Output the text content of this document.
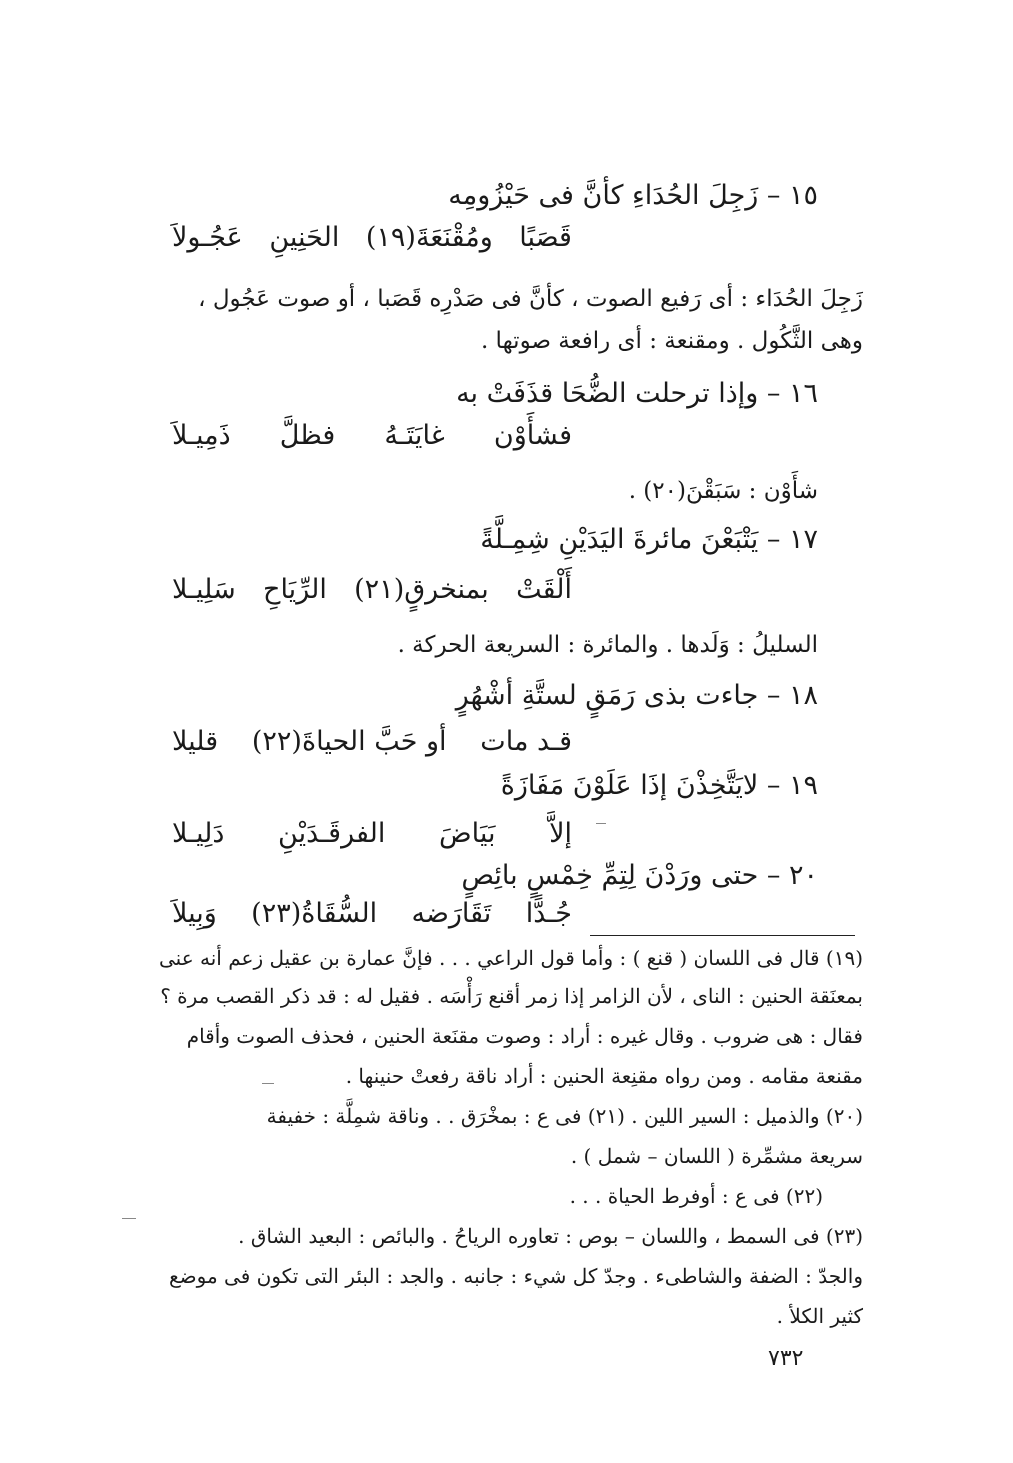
١٥ – زَجِلَ الحُدَاءِ كأنَّ فى حَيْزُومِه
قَصَبًا
ومُقْنَعَةَ(١٩)
الحَنِينِ
عَجُـولاَ
زَجِلَ الحُدَاء : أى رَفيع الصوت ، كأنَّ فى صَدْرِه قَصَبا ، أو صوت عَجُول ،
وهى الثَّكُول . ومقنعة : أى رافعة صوتها .
١٦ – وإذا ترحلت الضُّحَا قذَفَتْ به
فشأَوْن
غايَتَـهُ
فظلَّ
ذَمِيـلاَ
شأَوْن : سَبَقْنَ(٢٠) .
١٧ – يَتْبَعْنَ مائرةَ اليَدَيْنِ شِمِـلَّةً
أَلْقَتْ
بمنخرقٍ(٢١)
الرِّيَاحِ
سَلِيـلا
السليلُ : وَلَدها . والمائرة : السريعة الحركة .
١٨ – جاءت بذى رَمَقٍ لستَّةِ أشْهُرٍ
قـد مات
أو حَبَّ الحياةَ(٢٢)
قليلا
١٩ – لايَتَّخِذْنَ إذَا عَلَوْنَ مَفَازَةً
إلاَّ
بَيَاضَ
الفرقَـدَيْنِ
دَلِيـلا
٢٠ – حتى ورَدْنَ لِتِمِّ خِمْسٍ بائِصٍ
جُـدًّا
تَقَارَضه
السُّقَاةُ(٢٣)
وَبِيلاَ
(١٩) قال فى اللسان ( قنع ) : وأما قول الراعي . . . فإنَّ عمارة بن عقيل زعم أنه عنى
بمعنَقة الحنين : الناى ، لأن الزامر إذا زمر أقنع رَأْسَه . فقيل له : قد ذكر القصب مرة ؟
فقال : هى ضروب . وقال غيره : أراد : وصوت مقنَعة الحنين ، فحذف الصوت وأقام
مقنعة مقامه . ومن رواه مقنِعة الحنين : أراد ناقة رفعتْ حنينها .
(٢٠) والذميل : السير اللين . (٢١) فى ع : بمخْرَق . . وناقة شمِلَّة : خفيفة
سريعة مشمِّرة ( اللسان – شمل ) .
(٢٢) فى ع : أوفرط الحياة . . .
(٢٣) فى السمط ، واللسان – بوص : تعاوره الرياحُ . والبائص : البعيد الشاق .
والجدّ : الضفة والشاطىء . وجدّ كل شيء : جانبه . والجد : البئر التى تكون فى موضع
كثير الكلأ .
٧٣٢
